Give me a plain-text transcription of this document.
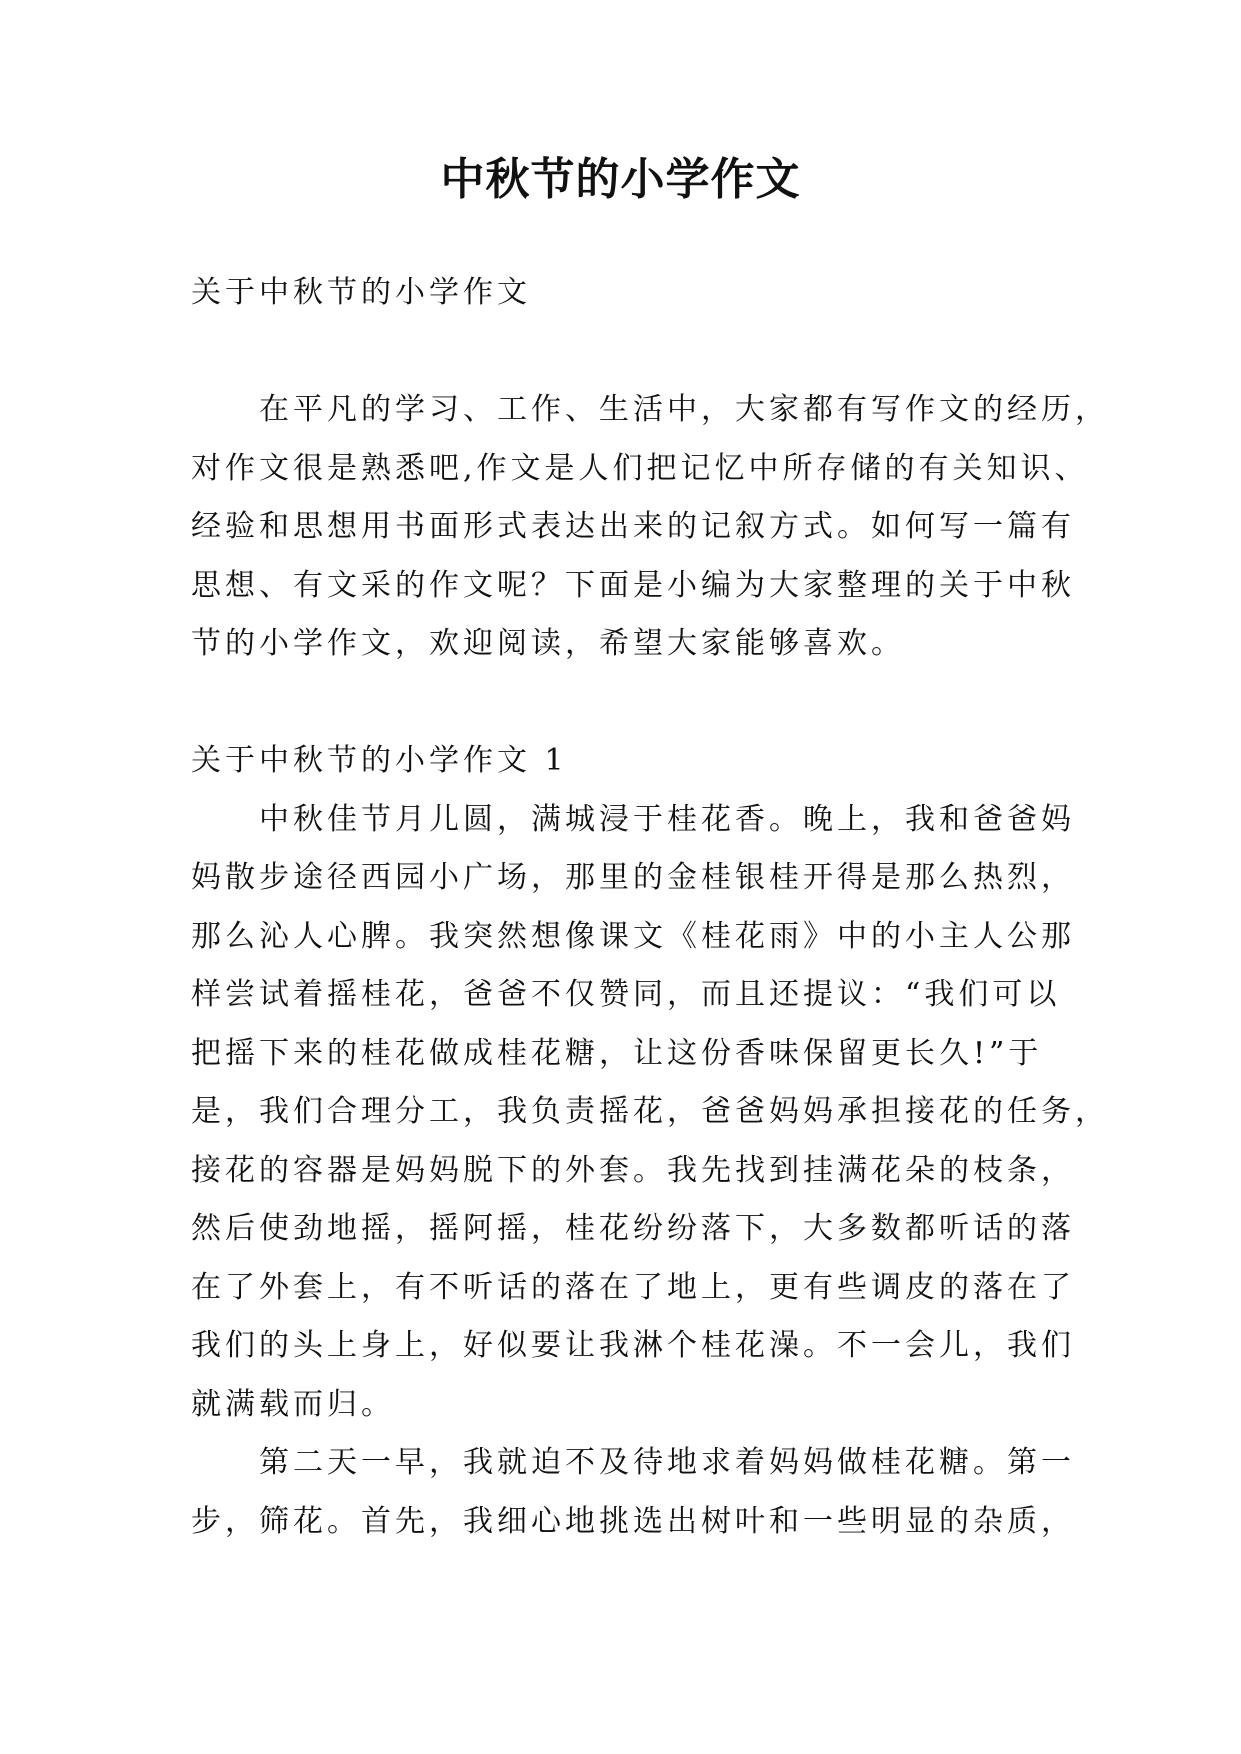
中秋节的小学作文
关于中秋节的小学作文
在平凡的学习、工作、生活中，大家都有写作文的经历，
对作文很是熟悉吧,作文是人们把记忆中所存储的有关知识、
经验和思想用书面形式表达出来的记叙方式。如何写一篇有
思想、有文采的作文呢？下面是小编为大家整理的关于中秋
节的小学作文，欢迎阅读，希望大家能够喜欢。
关于中秋节的小学作文 1
中秋佳节月儿圆，满城浸于桂花香。晚上，我和爸爸妈
妈散步途径西园小广场，那里的金桂银桂开得是那么热烈，
那么沁人心脾。我突然想像课文《桂花雨》中的小主人公那
样尝试着摇桂花，爸爸不仅赞同，而且还提议：“我们可以
把摇下来的桂花做成桂花糖，让这份香味保留更长久!”于
是，我们合理分工，我负责摇花，爸爸妈妈承担接花的任务，
接花的容器是妈妈脱下的外套。我先找到挂满花朵的枝条，
然后使劲地摇，摇阿摇，桂花纷纷落下，大多数都听话的落
在了外套上，有不听话的落在了地上，更有些调皮的落在了
我们的头上身上，好似要让我淋个桂花澡。不一会儿，我们
就满载而归。
第二天一早，我就迫不及待地求着妈妈做桂花糖。第一
步，筛花。首先，我细心地挑选出树叶和一些明显的杂质，
